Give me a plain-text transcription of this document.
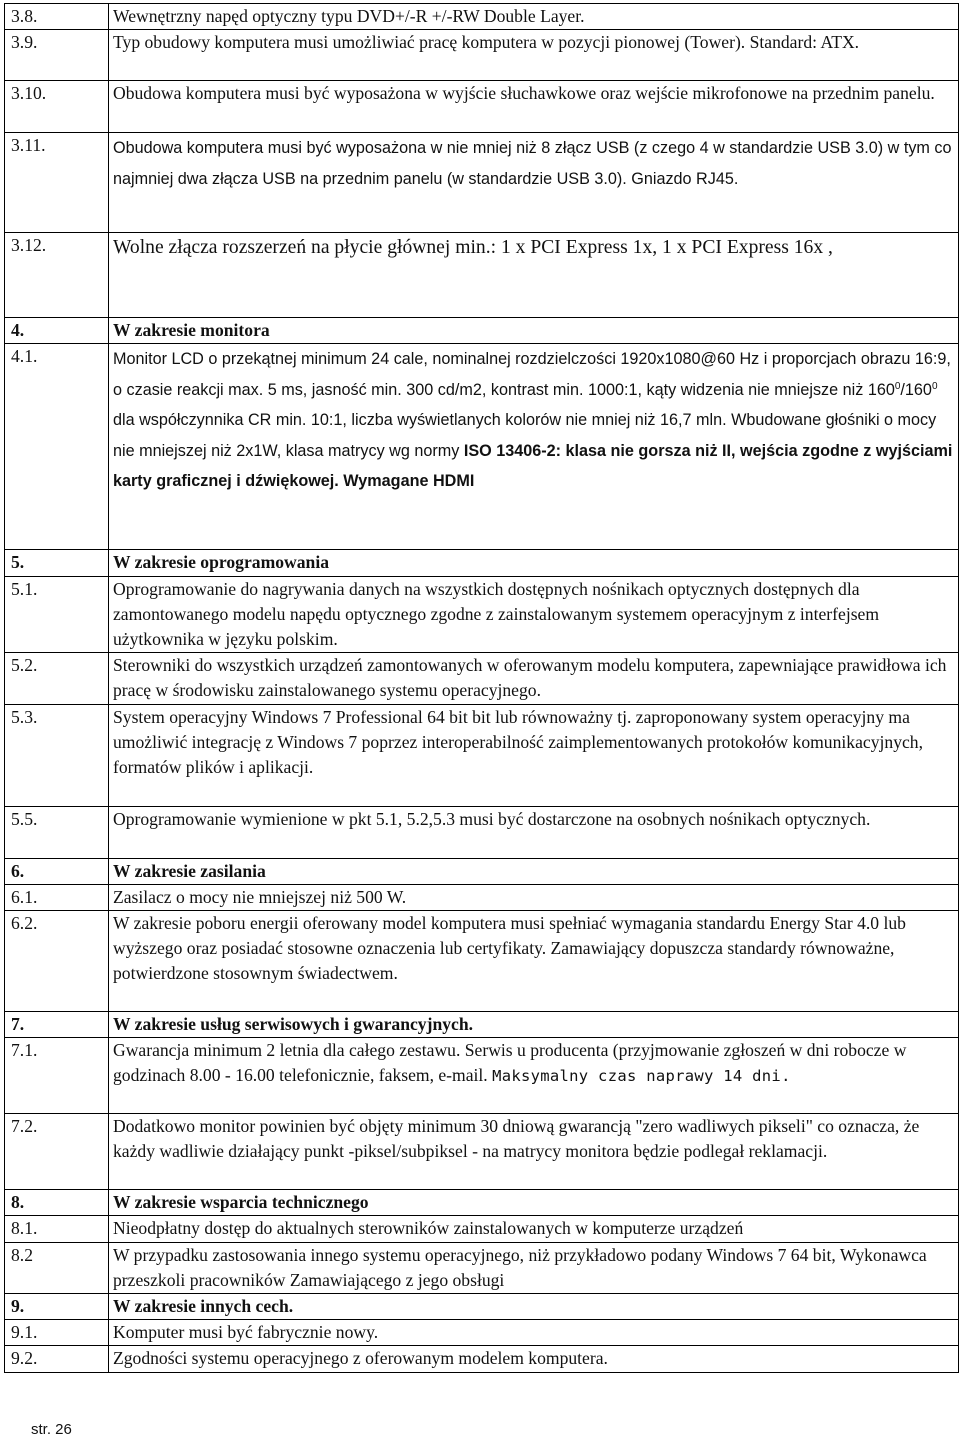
3.8.	Wewnętrzny napęd optyczny typu DVD+/-R +/-RW Double Layer.
3.9.	Typ obudowy komputera musi umożliwiać pracę komputera w pozycji pionowej (Tower). Standard: ATX.
3.10.	Obudowa komputera musi być wyposażona w wyjście słuchawkowe oraz wejście mikrofonowe na przednim panelu.
3.11.	Obudowa komputera musi być wyposażona w nie mniej niż 8 złącz USB (z czego 4 w standardzie USB 3.0) w tym co najmniej dwa złącza USB na przednim panelu (w standardzie USB 3.0). Gniazdo RJ45.
3.12.	Wolne złącza rozszerzeń na płycie głównej min.: 1 x PCI Express 1x, 1 x PCI Express 16x ,
4.	W zakresie monitora
4.1.	Monitor LCD o przekątnej minimum 24 cale, nominalnej rozdzielczości 1920x1080@60 Hz i proporcjach obrazu 16:9, o czasie reakcji max. 5 ms, jasność min. 300 cd/m2, kontrast min. 1000:1, kąty widzenia nie mniejsze niż $160^0/160^0$ dla współczynnika CR min. 10:1, liczba wyświetlanych kolorów nie mniej niż 16,7 mln. Wbudowane głośniki o mocy nie mniejszej niż 2x1W, klasa matrycy wg normy ISO 13406-2: klasa nie gorsza niż II, wejścia zgodne z wyjściami karty graficznej i dźwiękowej. Wymagane HDMI
5.	W zakresie oprogramowania
5.1.	Oprogramowanie do nagrywania danych na wszystkich dostępnych nośnikach optycznych dostępnych dla zamontowanego modelu napędu optycznego zgodne z zainstalowanym systemem operacyjnym z interfejsem użytkownika w języku polskim.
5.2.	Sterowniki do wszystkich urządzeń zamontowanych w oferowanym modelu komputera, zapewniające prawidłowa ich pracę w środowisku zainstalowanego systemu operacyjnego.
5.3.	System operacyjny Windows 7 Professional 64 bit bit lub równoważny tj. zaproponowany system operacyjny ma umożliwić integrację z Windows 7 poprzez interoperabilność zaimplementowanych protokołów komunikacyjnych, formatów plików i aplikacji.
5.5.	Oprogramowanie wymienione w pkt 5.1, 5.2,5.3 musi być dostarczone na osobnych nośnikach optycznych.
6.	W zakresie zasilania
6.1.	Zasilacz o mocy nie mniejszej niż 500 W.
6.2.	W zakresie poboru energii oferowany model komputera musi spełniać wymagania standardu Energy Star 4.0 lub wyższego oraz posiadać stosowne oznaczenia lub certyfikaty. Zamawiający dopuszcza standardy równoważne, potwierdzone stosownym świadectwem.
7.	W zakresie usług serwisowych i gwarancyjnych.
7.1.	Gwarancja minimum 2 letnia dla całego zestawu. Serwis u producenta (przyjmowanie zgłoszeń w dni robocze w godzinach 8.00 - 16.00 telefonicznie, faksem, e-mail. Maksymalny czas naprawy 14 dni.
7.2.	Dodatkowo monitor powinien być objęty minimum 30 dniową gwarancją "zero wadliwych pikseli" co oznacza, że każdy wadliwie działający punkt -piksel/subpiksel - na matrycy monitora będzie podlegał reklamacji.
8.	W zakresie wsparcia technicznego
8.1.	Nieodpłatny dostęp do aktualnych sterowników zainstalowanych w komputerze urządzeń
8.2	W przypadku zastosowania innego systemu operacyjnego, niż przykładowo podany Windows 7 64 bit, Wykonawca przeszkoli pracowników Zamawiającego z jego obsługi
9.	W zakresie innych cech.
9.1.	Komputer musi być fabrycznie nowy.
9.2.	Zgodności systemu operacyjnego z oferowanym modelem komputera.
str. 26
